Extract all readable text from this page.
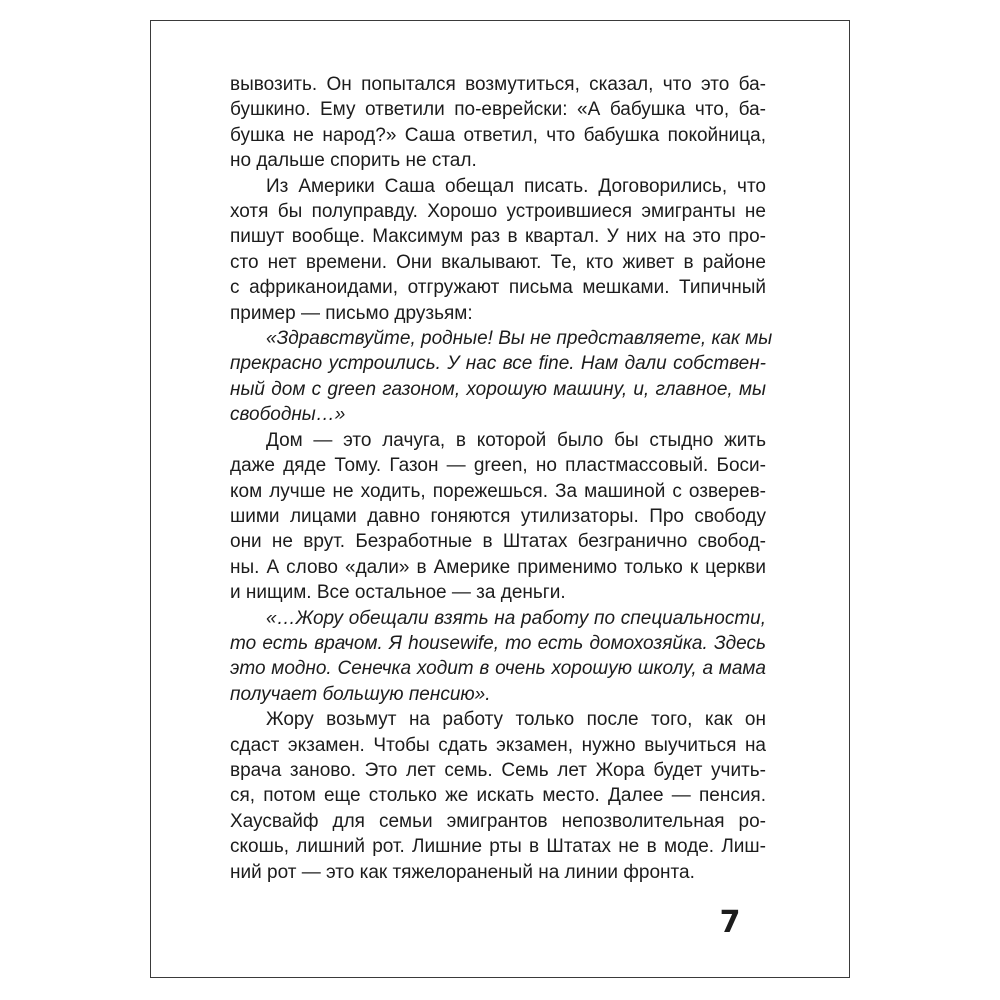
вывозить. Он попытался возмутиться, сказал, что это ба-
бушкино. Ему ответили по-еврейски: «А бабушка что, ба-
бушка не народ?» Саша ответил, что бабушка покойница,
но дальше спорить не стал.
Из Америки Саша обещал писать. Договорились, что
хотя бы полуправду. Хорошо устроившиеся эмигранты не
пишут вообще. Максимум раз в квартал. У них на это про-
сто нет времени. Они вкалывают. Те, кто живет в районе
с африканоидами, отгружают письма мешками. Типичный
пример — письмо друзьям:
«Здравствуйте, родные! Вы не представляете, как мы
прекрасно устроились. У нас все fine. Нам дали собствен-
ный дом с green газоном, хорошую машину, и, главное, мы
свободны…»
Дом — это лачуга, в которой было бы стыдно жить
даже дяде Тому. Газон — green, но пластмассовый. Боси-
ком лучше не ходить, порежешься. За машиной с озверев-
шими лицами давно гоняются утилизаторы. Про свободу
они не врут. Безработные в Штатах безгранично свобод-
ны. А слово «дали» в Америке применимо только к церкви
и нищим. Все остальное — за деньги.
«…Жору обещали взять на работу по специальности,
то есть врачом. Я housewife, то есть домохозяйка. Здесь
это модно. Сенечка ходит в очень хорошую школу, а мама
получает большую пенсию».
Жору возьмут на работу только после того, как он
сдаст экзамен. Чтобы сдать экзамен, нужно выучиться на
врача заново. Это лет семь. Семь лет Жора будет учить-
ся, потом еще столько же искать место. Далее — пенсия.
Хаусвайф для семьи эмигрантов непозволительная ро-
скошь, лишний рот. Лишние рты в Штатах не в моде. Лиш-
ний рот — это как тяжелораненый на линии фронта.
7
